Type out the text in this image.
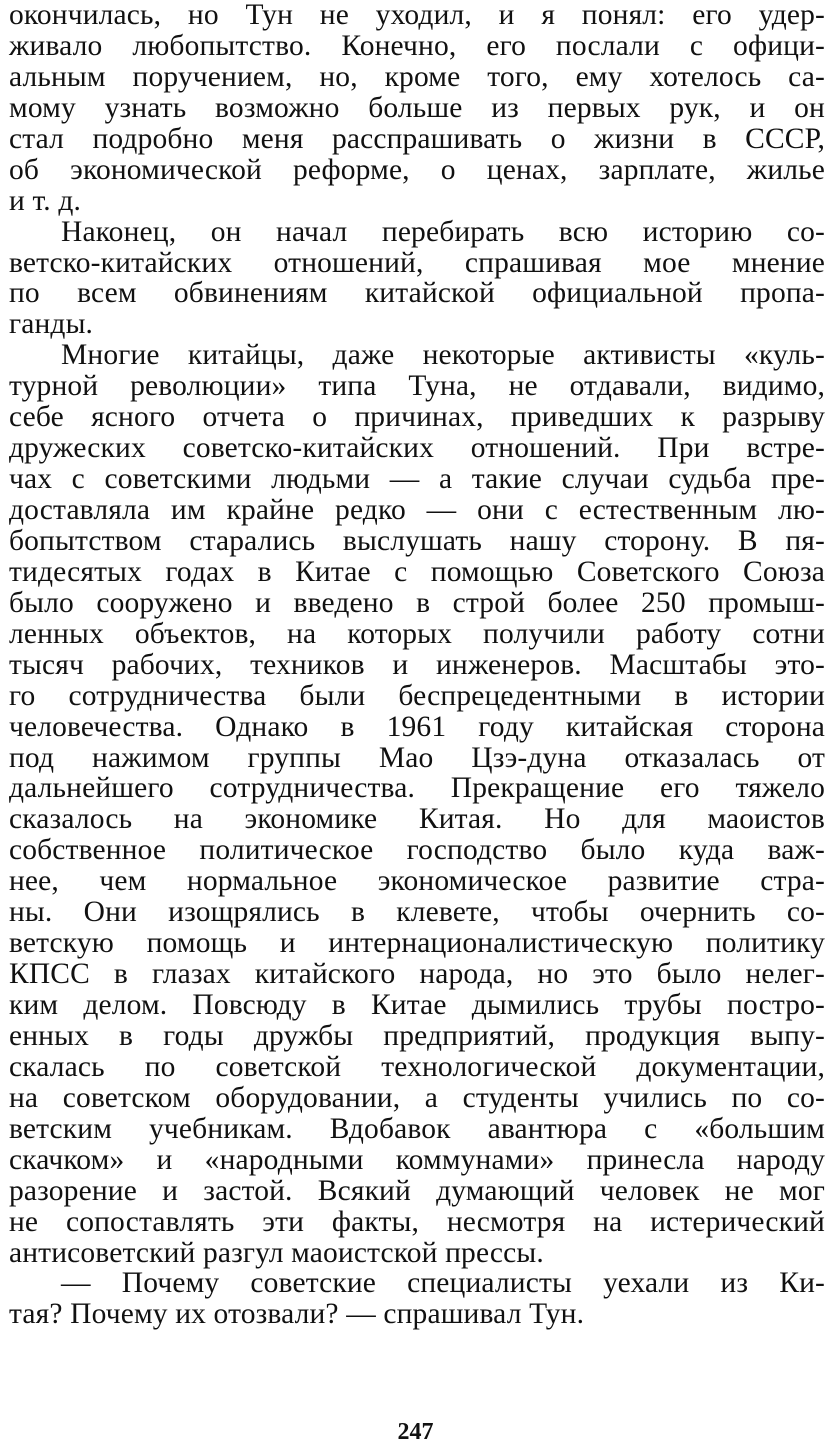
окончилась, но Тун не уходил, и я понял: его удер-
живало любопытство. Конечно, его послали с офици-
альным поручением, но, кроме того, ему хотелось са-
мому узнать возможно больше из первых рук, и он
стал подробно меня расспрашивать о жизни в СССР,
об экономической реформе, о ценах, зарплате, жилье
и т. д.
Наконец, он начал перебирать всю историю со-
ветско-китайских отношений, спрашивая мое мнение
по всем обвинениям китайской официальной пропа-
ганды.
Многие китайцы, даже некоторые активисты «куль-
турной революции» типа Туна, не отдавали, видимо,
себе ясного отчета о причинах, приведших к разрыву
дружеских советско-китайских отношений. При встре-
чах с советскими людьми — а такие случаи судьба пре-
доставляла им крайне редко — они с естественным лю-
бопытством старались выслушать нашу сторону. В пя-
тидесятых годах в Китае с помощью Советского Союза
было сооружено и введено в строй более 250 промыш-
ленных объектов, на которых получили работу сотни
тысяч рабочих, техников и инженеров. Масштабы это-
го сотрудничества были беспрецедентными в истории
человечества. Однако в 1961 году китайская сторона
под нажимом группы Мао Цзэ-дуна отказалась от
дальнейшего сотрудничества. Прекращение его тяжело
сказалось на экономике Китая. Но для маоистов
собственное политическое господство было куда важ-
нее, чем нормальное экономическое развитие стра-
ны. Они изощрялись в клевете, чтобы очернить со-
ветскую помощь и интернационалистическую политику
КПСС в глазах китайского народа, но это было нелег-
ким делом. Повсюду в Китае дымились трубы постро-
енных в годы дружбы предприятий, продукция выпу-
скалась по советской технологической документации,
на советском оборудовании, а студенты учились по со-
ветским учебникам. Вдобавок авантюра с «большим
скачком» и «народными коммунами» принесла народу
разорение и застой. Всякий думающий человек не мог
не сопоставлять эти факты, несмотря на истерический
антисоветский разгул маоистской прессы.
— Почему советские специалисты уехали из Ки-
тая? Почему их отозвали? — спрашивал Тун.
247
